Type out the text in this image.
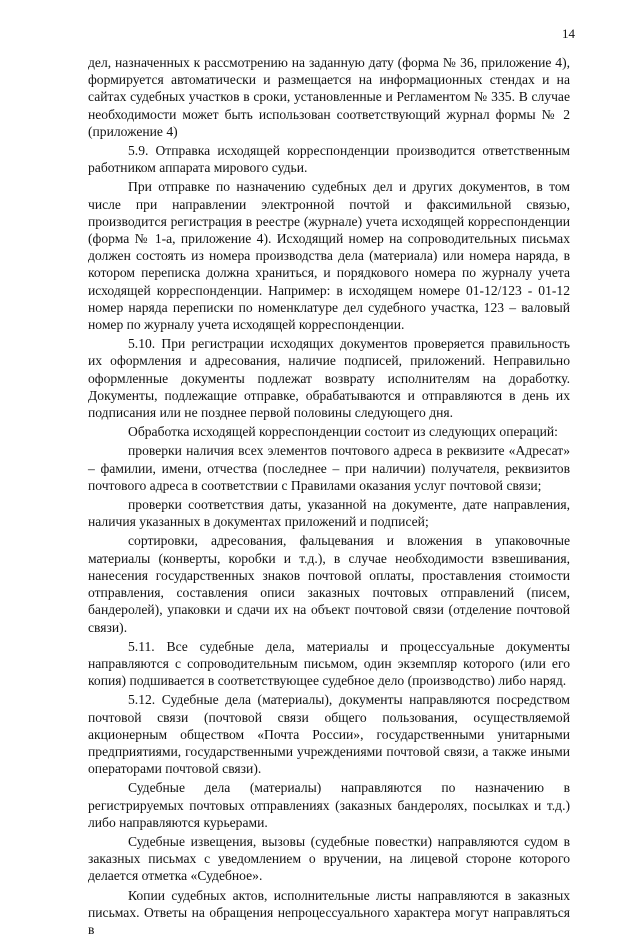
14

дел, назначенных к рассмотрению на заданную дату (форма № 36, приложение 4), формируется автоматически и размещается на информационных стендах и на сайтах судебных участков в сроки, установленные и Регламентом № 335. В случае необходимости может быть использован соответствующий журнал формы № 2 (приложение 4)

5.9. Отправка исходящей корреспонденции производится ответственным работником аппарата мирового судьи.

При отправке по назначению судебных дел и других документов, в том числе при направлении электронной почтой и факсимильной связью, производится регистрация в реестре (журнале) учета исходящей корреспонденции (форма № 1-а, приложение 4). Исходящий номер на сопроводительных письмах должен состоять из номера производства дела (материала) или номера наряда, в котором переписка должна храниться, и порядкового номера по журналу учета исходящей корреспонденции. Например: в исходящем номере 01-12/123 - 01-12 номер наряда переписки по номенклатуре дел судебного участка, 123 – валовый номер по журналу учета исходящей корреспонденции.

5.10. При регистрации исходящих документов проверяется правильность их оформления и адресования, наличие подписей, приложений. Неправильно оформленные документы подлежат возврату исполнителям на доработку. Документы, подлежащие отправке, обрабатываются и отправляются в день их подписания или не позднее первой половины следующего дня.

Обработка исходящей корреспонденции состоит из следующих операций:

проверки наличия всех элементов почтового адреса в реквизите «Адресат» – фамилии, имени, отчества (последнее – при наличии) получателя, реквизитов почтового адреса в соответствии с Правилами оказания услуг почтовой связи;

проверки соответствия даты, указанной на документе, дате направления, наличия указанных в документах приложений и подписей;

сортировки, адресования, фальцевания и вложения в упаковочные материалы (конверты, коробки и т.д.), в случае необходимости взвешивания, нанесения государственных знаков почтовой оплаты, проставления стоимости отправления, составления описи заказных почтовых отправлений (писем, бандеролей), упаковки и сдачи их на объект почтовой связи (отделение почтовой связи).

5.11. Все судебные дела, материалы и процессуальные документы направляются с сопроводительным письмом, один экземпляр которого (или его копия) подшивается в соответствующее судебное дело (производство) либо наряд.

5.12. Судебные дела (материалы), документы направляются посредством почтовой связи (почтовой связи общего пользования, осуществляемой акционерным обществом «Почта России», государственными унитарными предприятиями, государственными учреждениями почтовой связи, а также иными операторами почтовой связи).

Судебные дела (материалы) направляются по назначению в регистрируемых почтовых отправлениях (заказных бандеролях, посылках и т.д.) либо направляются курьерами.

Судебные извещения, вызовы (судебные повестки) направляются судом в заказных письмах с уведомлением о вручении, на лицевой стороне которого делается отметка «Судебное».

Копии судебных актов, исполнительные листы направляются в заказных письмах. Ответы на обращения непроцессуального характера могут направляться в
